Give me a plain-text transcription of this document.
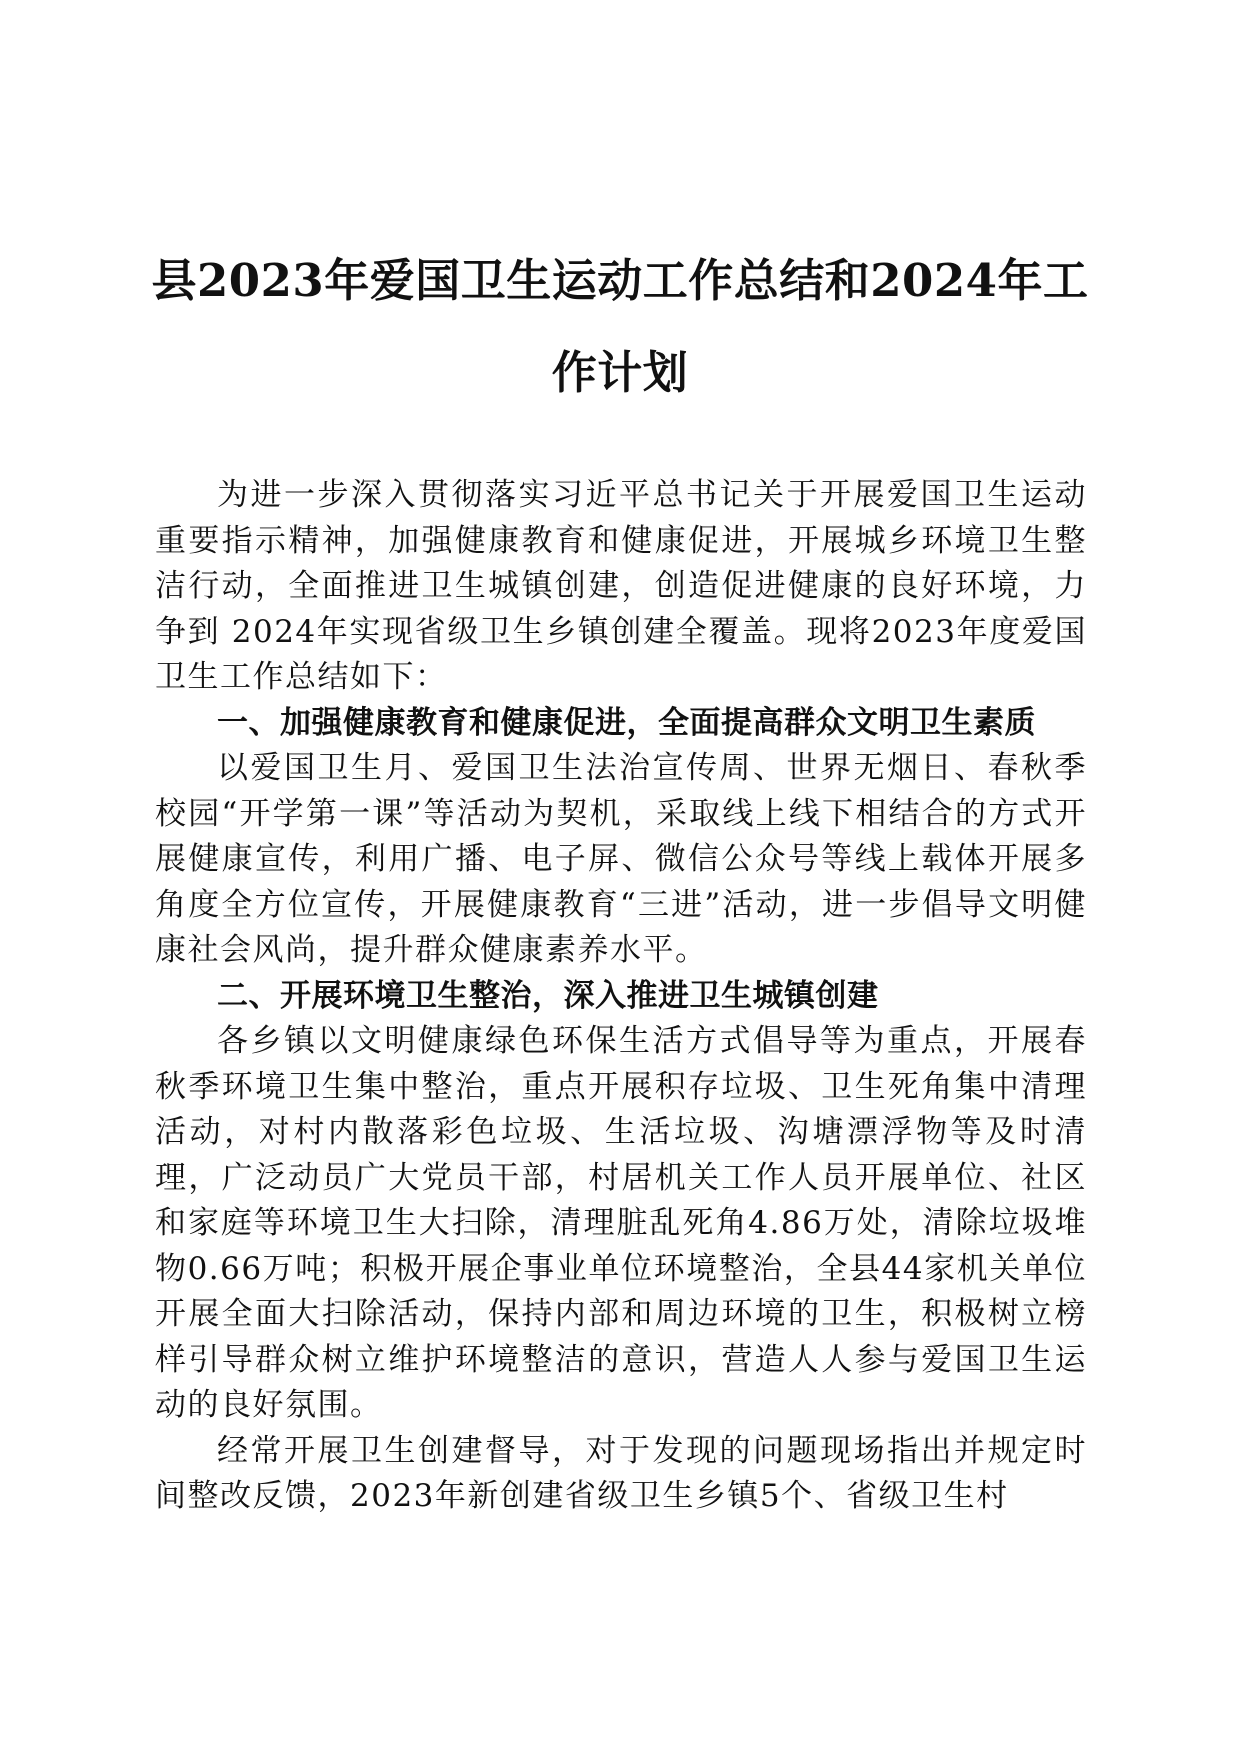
县2023年爱国卫生运动工作总结和2024年工作计划

为进一步深入贯彻落实习近平总书记关于开展爱国卫生运动重要指示精神，加强健康教育和健康促进，开展城乡环境卫生整洁行动，全面推进卫生城镇创建，创造促进健康的良好环境，力争到 2024年实现省级卫生乡镇创建全覆盖。现将2023年度爱国卫生工作总结如下：

一、加强健康教育和健康促进，全面提高群众文明卫生素质

以爱国卫生月、爱国卫生法治宣传周、世界无烟日、春秋季校园“开学第一课”等活动为契机，采取线上线下相结合的方式开展健康宣传，利用广播、电子屏、微信公众号等线上载体开展多角度全方位宣传，开展健康教育“三进”活动，进一步倡导文明健康社会风尚，提升群众健康素养水平。

二、开展环境卫生整治，深入推进卫生城镇创建

各乡镇以文明健康绿色环保生活方式倡导等为重点，开展春秋季环境卫生集中整治，重点开展积存垃圾、卫生死角集中清理活动，对村内散落彩色垃圾、生活垃圾、沟塘漂浮物等及时清理，广泛动员广大党员干部，村居机关工作人员开展单位、社区和家庭等环境卫生大扫除，清理脏乱死角4.86万处，清除垃圾堆物0.66万吨；积极开展企事业单位环境整治，全县44家机关单位开展全面大扫除活动，保持内部和周边环境的卫生，积极树立榜样引导群众树立维护环境整洁的意识，营造人人参与爱国卫生运动的良好氛围。

经常开展卫生创建督导，对于发现的问题现场指出并规定时间整改反馈，2023年新创建省级卫生乡镇5个、省级卫生村
